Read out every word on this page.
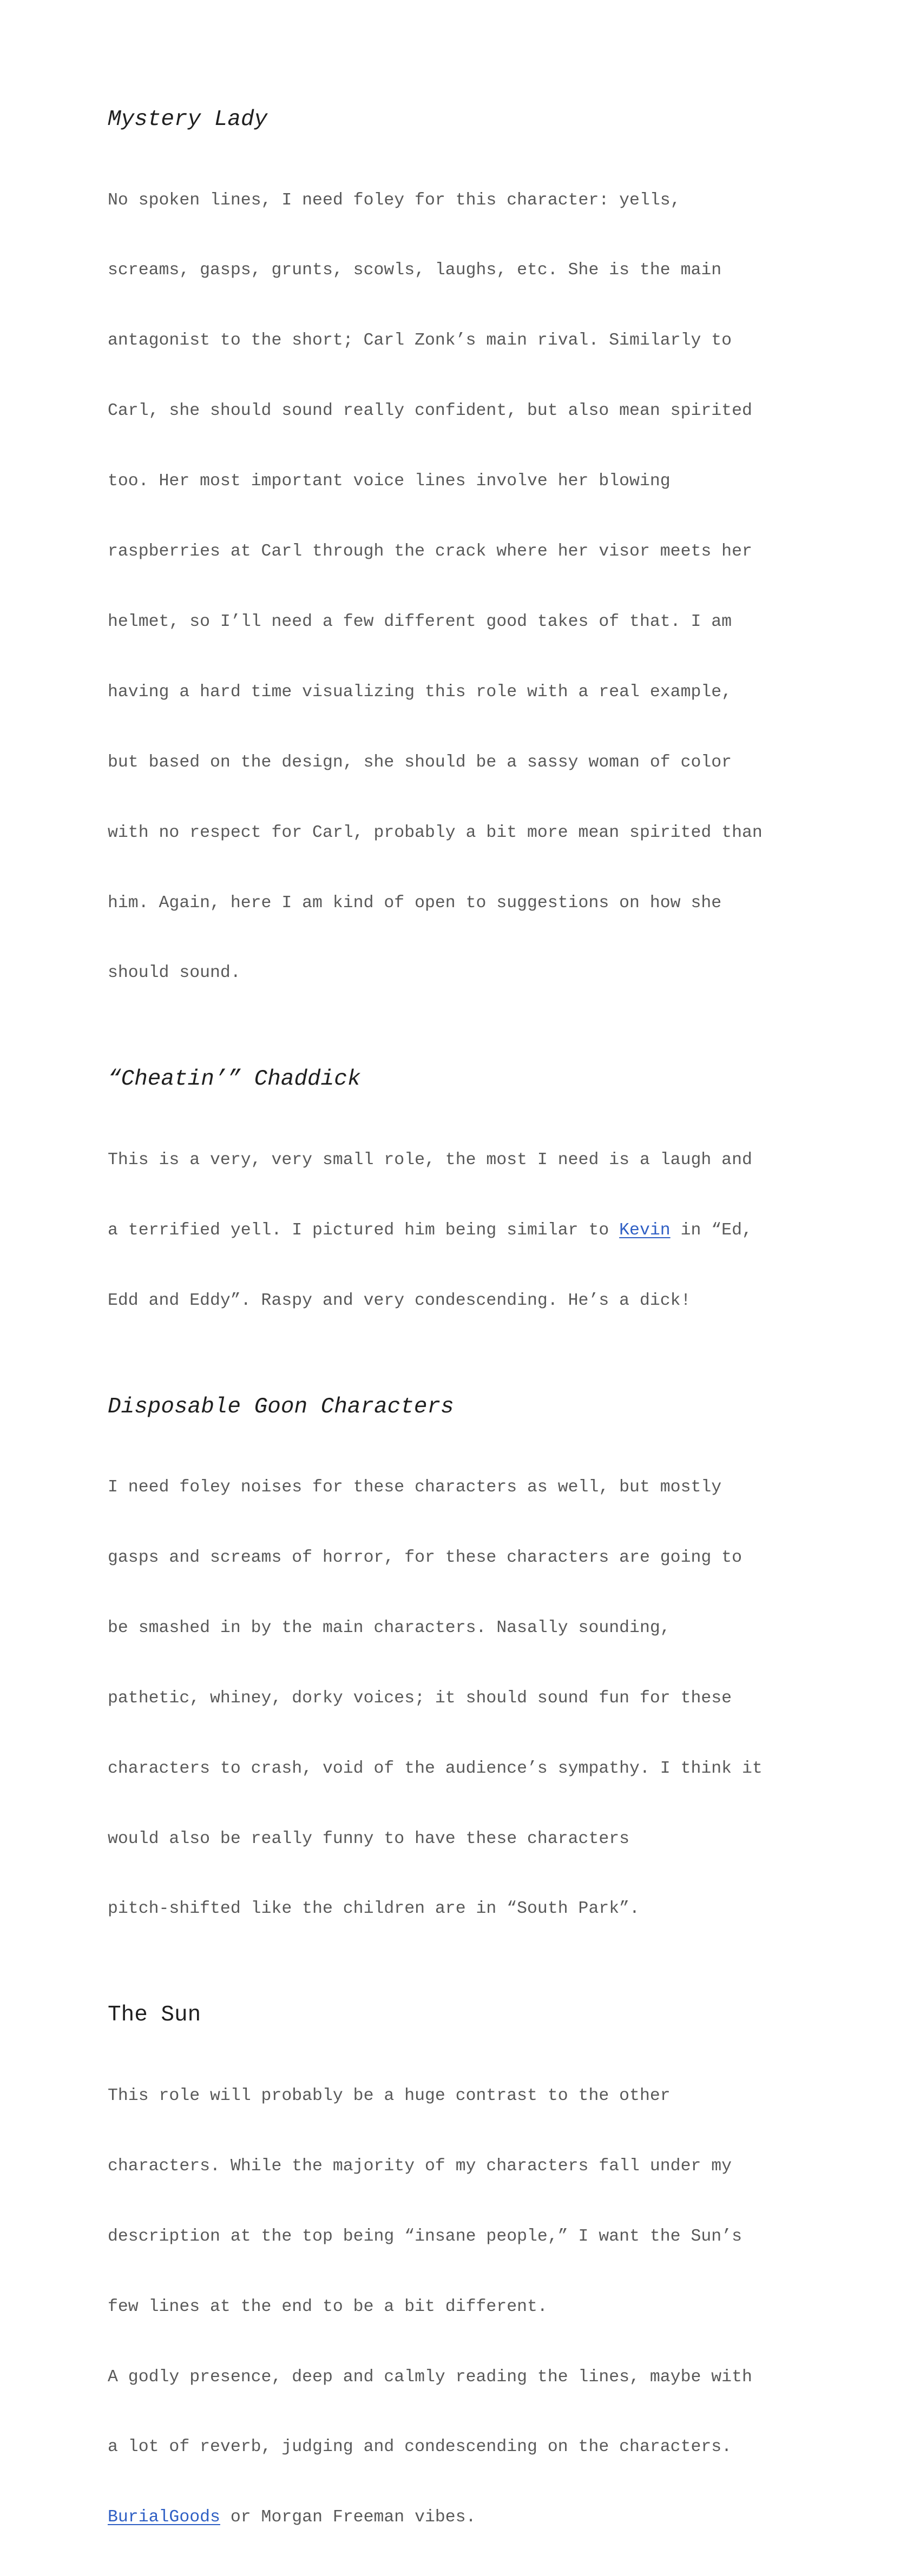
Mystery Lady

No spoken lines, I need foley for this character: yells,

screams, gasps, grunts, scowls, laughs, etc. She is the main

antagonist to the short; Carl Zonk’s main rival. Similarly to

Carl, she should sound really confident, but also mean spirited

too. Her most important voice lines involve her blowing

raspberries at Carl through the crack where her visor meets her

helmet, so I’ll need a few different good takes of that. I am

having a hard time visualizing this role with a real example,

but based on the design, she should be a sassy woman of color

with no respect for Carl, probably a bit more mean spirited than

him. Again, here I am kind of open to suggestions on how she

should sound.

“Cheatin’” Chaddick

This is a very, very small role, the most I need is a laugh and

a terrified yell. I pictured him being similar to Kevin in “Ed,

Edd and Eddy”. Raspy and very condescending. He’s a dick!

Disposable Goon Characters

I need foley noises for these characters as well, but mostly

gasps and screams of horror, for these characters are going to

be smashed in by the main characters. Nasally sounding,

pathetic, whiney, dorky voices; it should sound fun for these

characters to crash, void of the audience’s sympathy. I think it

would also be really funny to have these characters

pitch-shifted like the children are in “South Park”.

The Sun

This role will probably be a huge contrast to the other

characters. While the majority of my characters fall under my

description at the top being “insane people,” I want the Sun’s

few lines at the end to be a bit different.

A godly presence, deep and calmly reading the lines, maybe with

a lot of reverb, judging and condescending on the characters.

BurialGoods or Morgan Freeman vibes.
